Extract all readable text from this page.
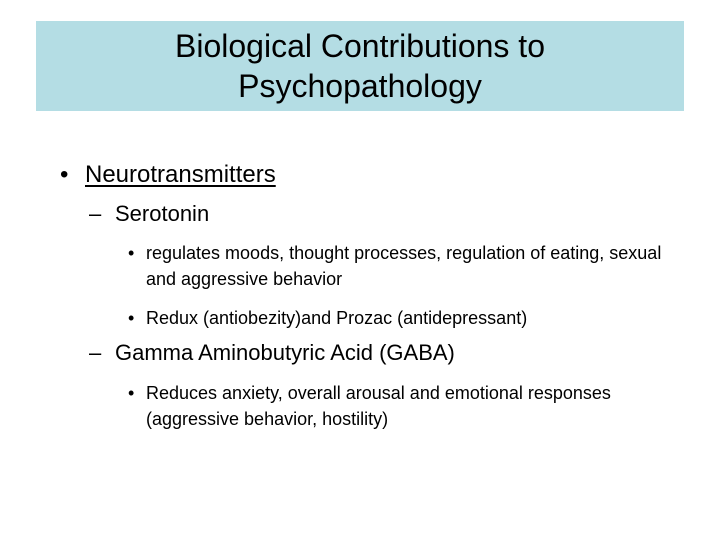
Biological Contributions to
Psychopathology
• Neurotransmitters
– Serotonin
• regulates moods, thought processes, regulation of eating, sexual and aggressive behavior
• Redux (antiobezity)and Prozac (antidepressant)
– Gamma Aminobutyric Acid (GABA)
• Reduces anxiety, overall arousal and emotional responses (aggressive behavior, hostility)
